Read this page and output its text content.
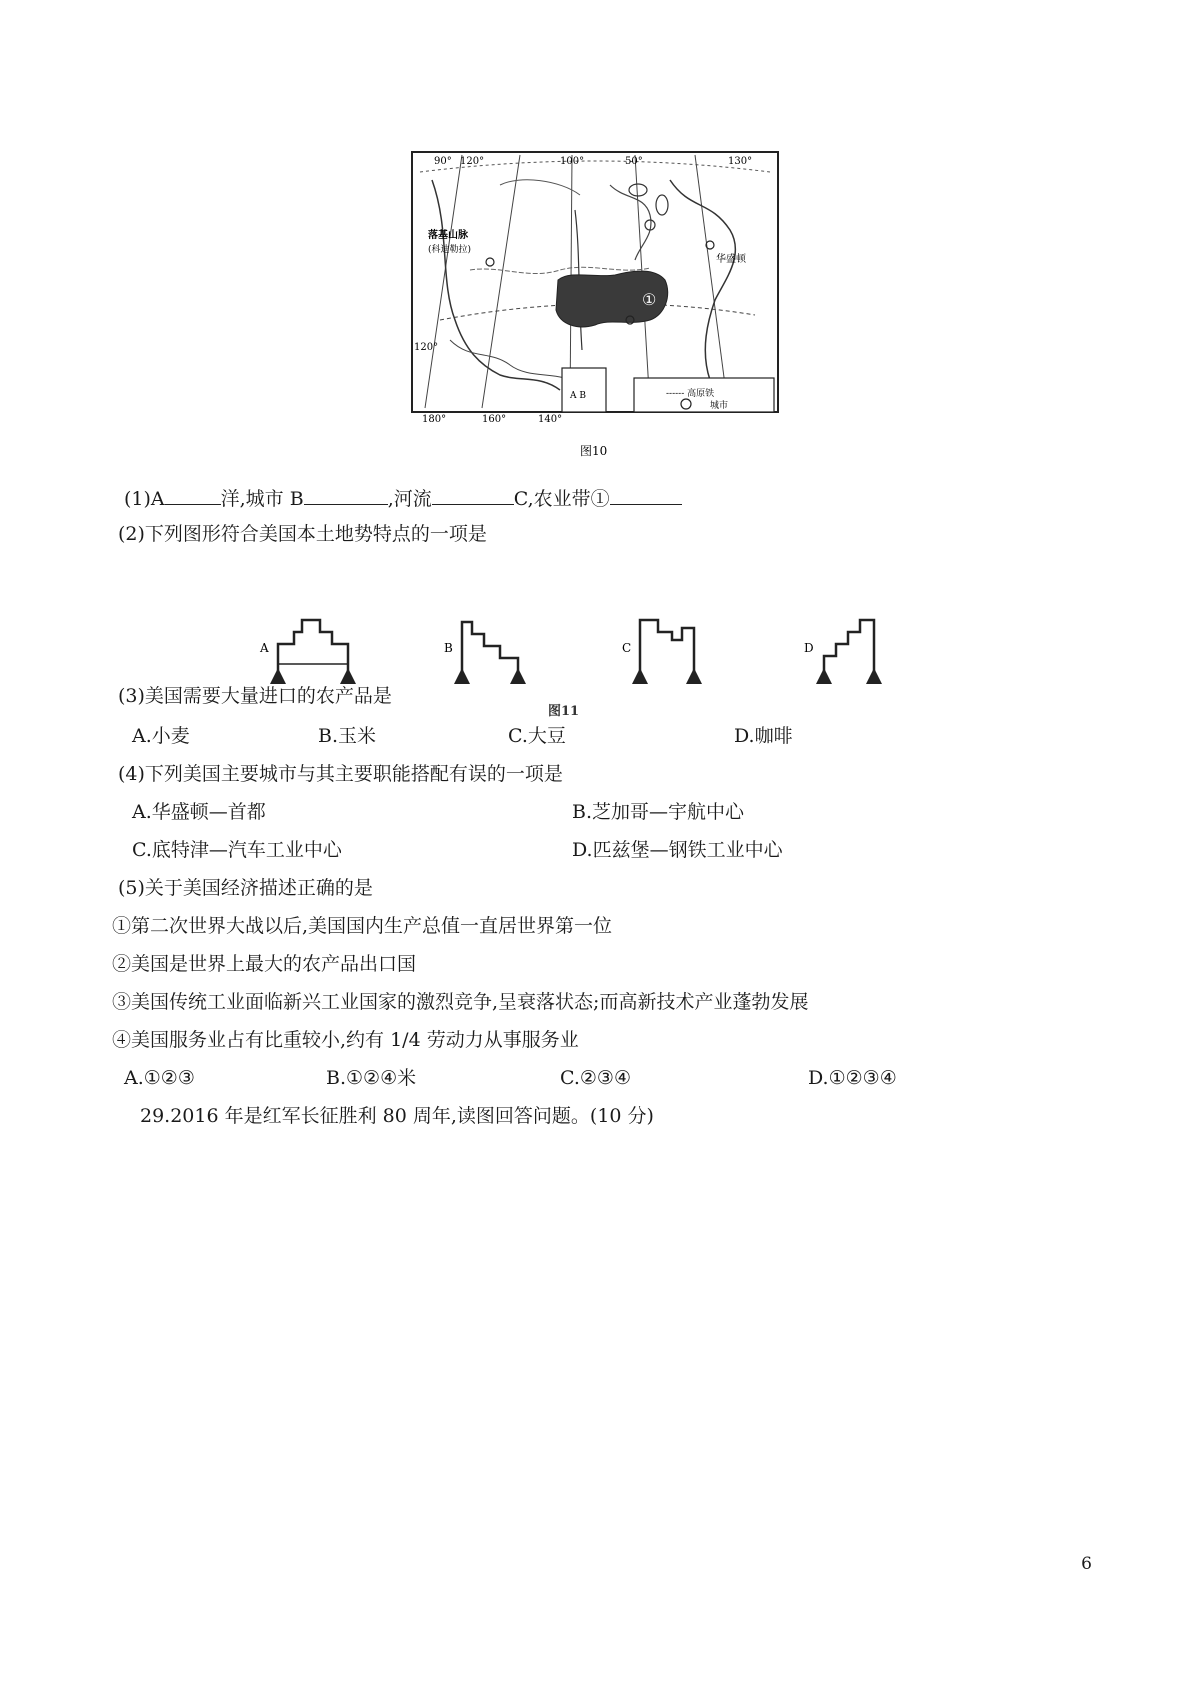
90° 120°	100°	50°	130°
120°
180°	160°	140°
落基山脉
(科迪勒拉)
华盛顿
①
------ 高原铁
城市
A B
图10
(1)A	洋,城市 B	,河流	C,农业带①
(2)下列图形符合美国本土地势特点的一项是
A	B	C	D
图11
(3)美国需要大量进口的农产品是
A.小麦	B.玉米	C.大豆	D.咖啡
(4)下列美国主要城市与其主要职能搭配有误的一项是
A.华盛顿—首都	B.芝加哥—宇航中心
C.底特津—汽车工业中心	D.匹兹堡—钢铁工业中心
(5)关于美国经济描述正确的是
①第二次世界大战以后,美国国内生产总值一直居世界第一位
②美国是世界上最大的农产品出口国
③美国传统工业面临新兴工业国家的激烈竞争,呈衰落状态;而高新技术产业蓬勃发展
④美国服务业占有比重较小,约有 1/4 劳动力从事服务业
A.①②③	B.①②④米	C.②③④	D.①②③④
29.2016 年是红军长征胜利 80 周年,读图回答问题。(10 分)
6
